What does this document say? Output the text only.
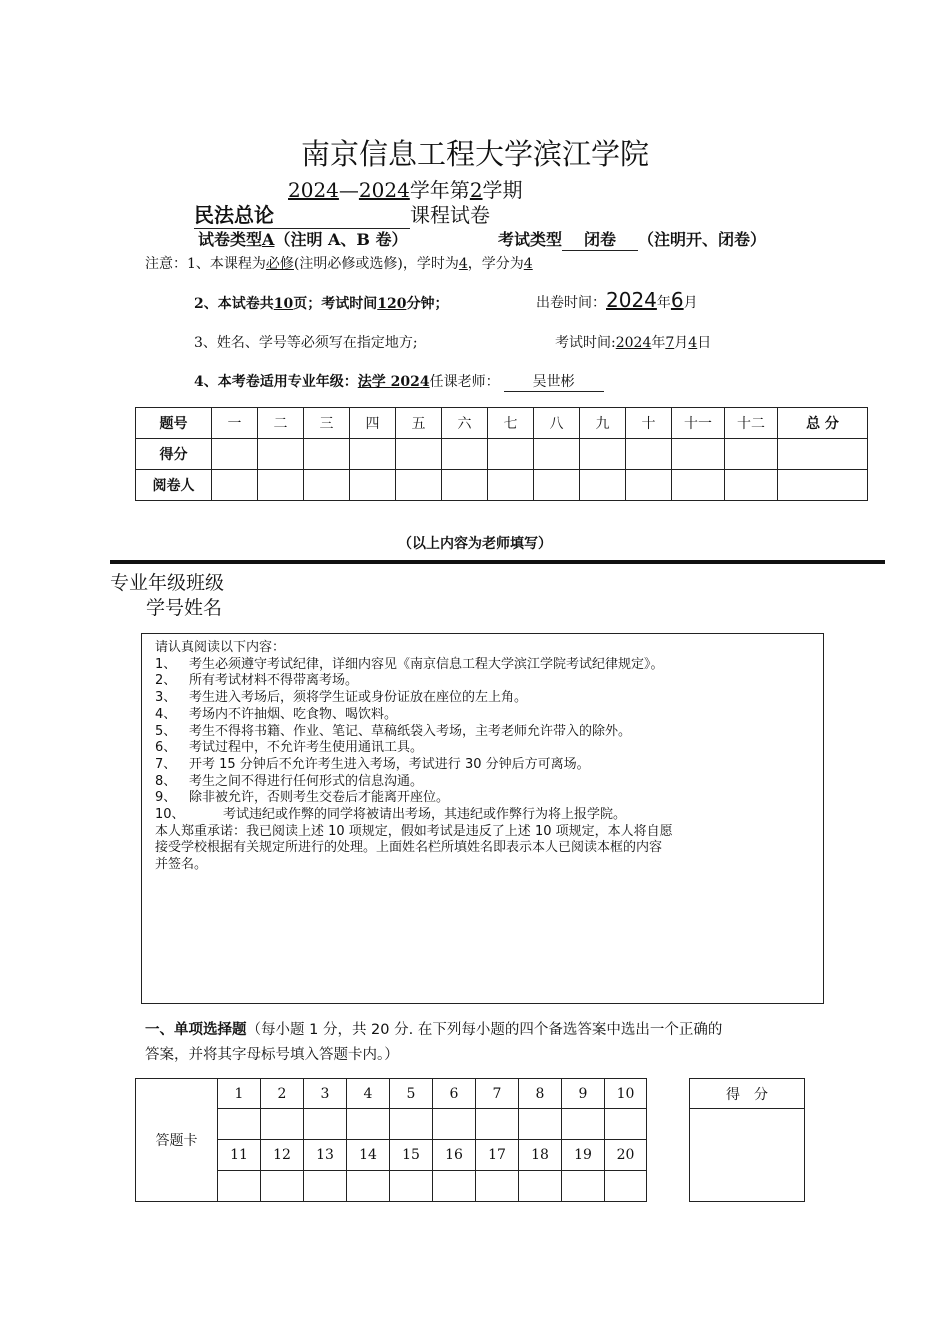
南京信息工程大学滨江学院
2024—2024学年第2学期
民法总论	课程试卷
试卷类型A（注明 A、B 卷）	考试类型 闭卷 （注明开、闭卷）
注意：1、本课程为必修(注明必修或选修)，学时为4，学分为4
2、本试卷共10页；考试时间120分钟；	出卷时间：2024年6月
3、姓名、学号等必须写在指定地方;	考试时间:2024年7月4日
4、本考卷适用专业年级：法学 2024任课老师： 吴世彬
题号	一	二	三	四	五	六	七	八	九	十	十一	十二	总 分
得分													
阅卷人													
（以上内容为老师填写）
专业年级班级
学号姓名
请认真阅读以下内容：
1、 考生必须遵守考试纪律，详细内容见《南京信息工程大学滨江学院考试纪律规定》。
2、 所有考试材料不得带离考场。
3、 考生进入考场后，须将学生证或身份证放在座位的左上角。
4、 考场内不许抽烟、吃食物、喝饮料。
5、 考生不得将书籍、作业、笔记、草稿纸袋入考场，主考老师允许带入的除外。
6、 考试过程中，不允许考生使用通讯工具。
7、 开考 15 分钟后不允许考生进入考场，考试进行 30 分钟后方可离场。
8、 考生之间不得进行任何形式的信息沟通。
9、 除非被允许，否则考生交卷后才能离开座位。
10、	考试违纪或作弊的同学将被请出考场，其违纪或作弊行为将上报学院。
本人郑重承诺：我已阅读上述 10 项规定，假如考试是违反了上述 10 项规定，本人将自愿
接受学校根据有关规定所进行的处理。上面姓名栏所填姓名即表示本人已阅读本框的内容
并签名。
一、单项选择题（每小题 1 分，共 20 分. 在下列每小题的四个备选答案中选出一个正确的
答案，并将其字母标号填入答题卡内。）
答题卡	1	2	3	4	5	6	7	8	9	10

	11	12	13	14	15	16	17	18	19	20

得　分
